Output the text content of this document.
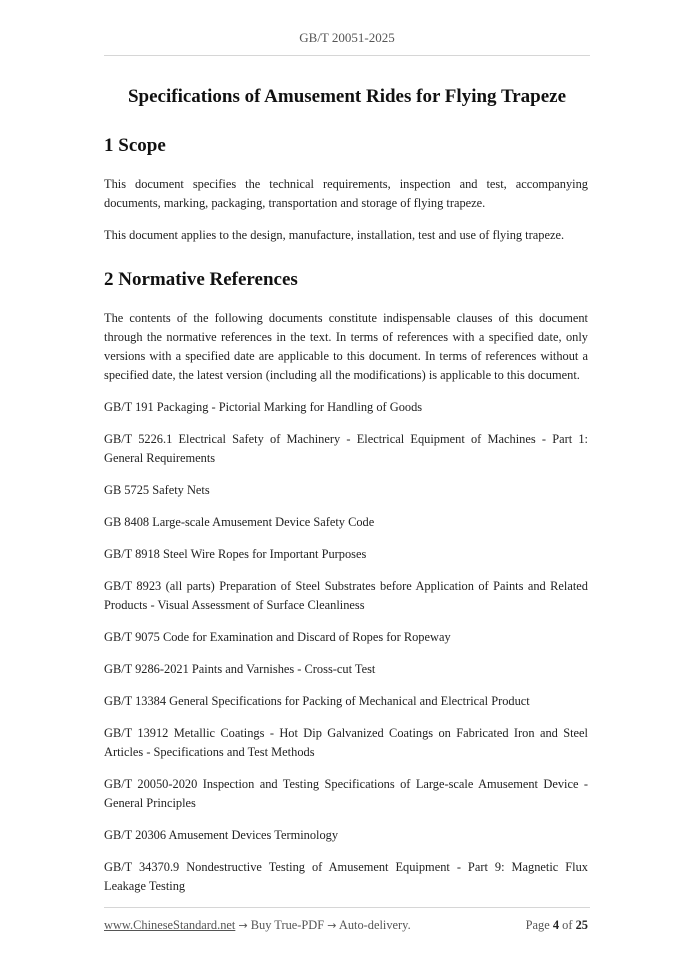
GB/T 20051-2025
Specifications of Amusement Rides for Flying Trapeze
1 Scope

This document specifies the technical requirements, inspection and test, accompanying documents, marking, packaging, transportation and storage of flying trapeze.

This document applies to the design, manufacture, installation, test and use of flying trapeze.

2 Normative References

The contents of the following documents constitute indispensable clauses of this document through the normative references in the text. In terms of references with a specified date, only versions with a specified date are applicable to this document. In terms of references without a specified date, the latest version (including all the modifications) is applicable to this document.

GB/T 191 Packaging - Pictorial Marking for Handling of Goods
GB/T 5226.1 Electrical Safety of Machinery - Electrical Equipment of Machines - Part 1: General Requirements
GB 5725 Safety Nets
GB 8408 Large-scale Amusement Device Safety Code
GB/T 8918 Steel Wire Ropes for Important Purposes
GB/T 8923 (all parts) Preparation of Steel Substrates before Application of Paints and Related Products - Visual Assessment of Surface Cleanliness
GB/T 9075 Code for Examination and Discard of Ropes for Ropeway
GB/T 9286-2021 Paints and Varnishes - Cross-cut Test
GB/T 13384 General Specifications for Packing of Mechanical and Electrical Product
GB/T 13912 Metallic Coatings - Hot Dip Galvanized Coatings on Fabricated Iron and Steel Articles - Specifications and Test Methods
GB/T 20050-2020 Inspection and Testing Specifications of Large-scale Amusement Device - General Principles
GB/T 20306 Amusement Devices Terminology
GB/T 34370.9 Nondestructive Testing of Amusement Equipment - Part 9: Magnetic Flux Leakage Testing
www.ChineseStandard.net → Buy True-PDF → Auto-delivery.	Page 4 of 25
